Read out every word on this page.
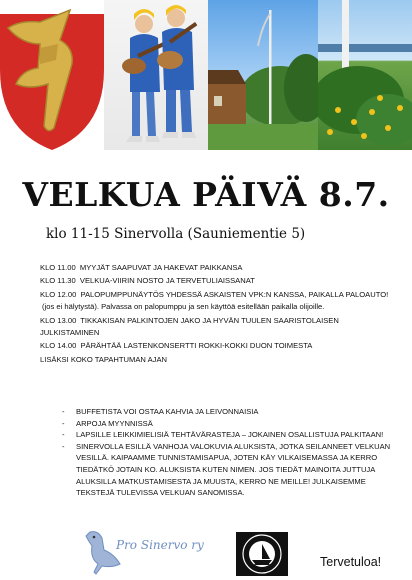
VELKUA PÄIVÄ 8.7.
klo 11-15 Sinervolla (Sauniementie 5)

KLO 11.00 MYYJÄT SAAPUVAT JA HAKEVAT PAIKKANSA

KLO 11.30 VELKUA-VIIRIN NOSTO JA TERVETULIAISSANAT

KLO 12.00 PALOPUMPPUNÄYTÖS YHDESSÄ ASKAISTEN VPK:N KANSSA, PAIKALLA PALOAUTO! (jos ei hälytystä). Palvassa on palopumppu ja sen käyttöä esitellään paikalla olijoille.

KLO 13.00 TIKKAKISAN PALKINTOJEN JAKO JA HYVÄN TUULEN SAARISTOLAISEN JULKISTAMINEN

KLO 14.00 PÄRÄHTÄÄ LASTENKONSERTTI ROKKI-KOKKI DUON TOIMESTA

LISÄKSI KOKO TAPAHTUMAN AJAN

- BUFFETISTA VOI OSTAA KAHVIA JA LEIVONNAISIA
- ARPOJA MYYNNISSÄ
- LAPSILLE LEIKKIMIELISIÄ TEHTÄVÄRASTEJA – JOKAINEN OSALLISTUJA PALKITAAN!
- SINERVOLLA ESILLÄ VANHOJA VALOKUVIA ALUKSISTA, JOTKA SEILANNEET VELKUAN VESILLÄ. KAIPAAMME TUNNISTAMISAPUA, JOTEN KÄY VILKAISEMASSA JA KERRO TIEDÄTKÖ JOTAIN KO. ALUKSISTA KUTEN NIMEN. JOS TIEDÄT MAINOITA JUTTUJA ALUKSILLA MATKUSTAMISESTA JA MUUSTA, KERRO NE MEILLE! JULKAISEMME TEKSTEJÄ TULEVISSA VELKUAN SANOMISSA.
Pro Sinervo ry
Tervetuloa!
